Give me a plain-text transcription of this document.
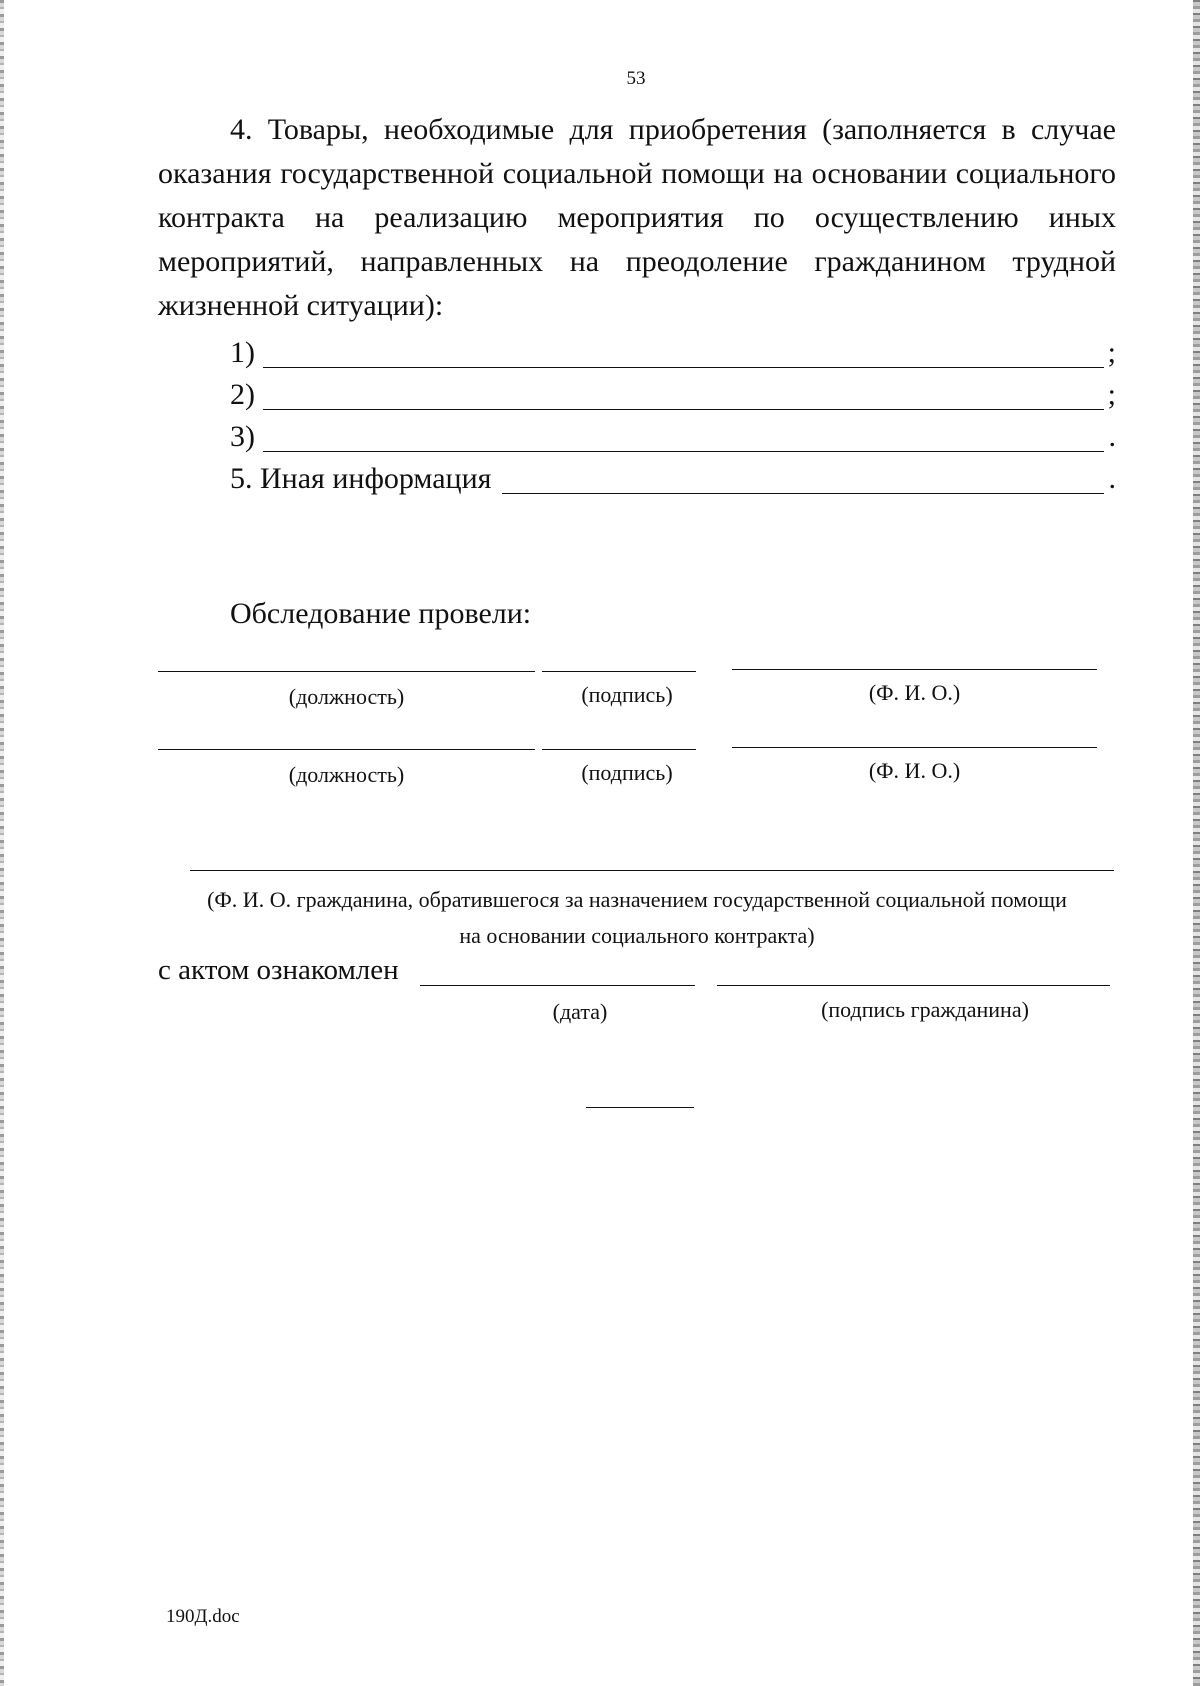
53

4. Товары, необходимые для приобретения (заполняется в случае оказания государственной социальной помощи на основании социального контракта на реализацию мероприятия по осуществлению иных мероприятий, направленных на преодоление гражданином трудной жизненной ситуации):

1)	;
2)	;
3)	.
5. Иная информация	.
Обследование провели:
(должность)	(подпись)	(Ф. И. О.)
(должность)	(подпись)	(Ф. И. О.)
(Ф. И. О. гражданина, обратившегося за назначением государственной социальной помощи
на основании социального контракта)
с актом ознакомлен
(дата)	(подпись гражданина)
190Д.doc
